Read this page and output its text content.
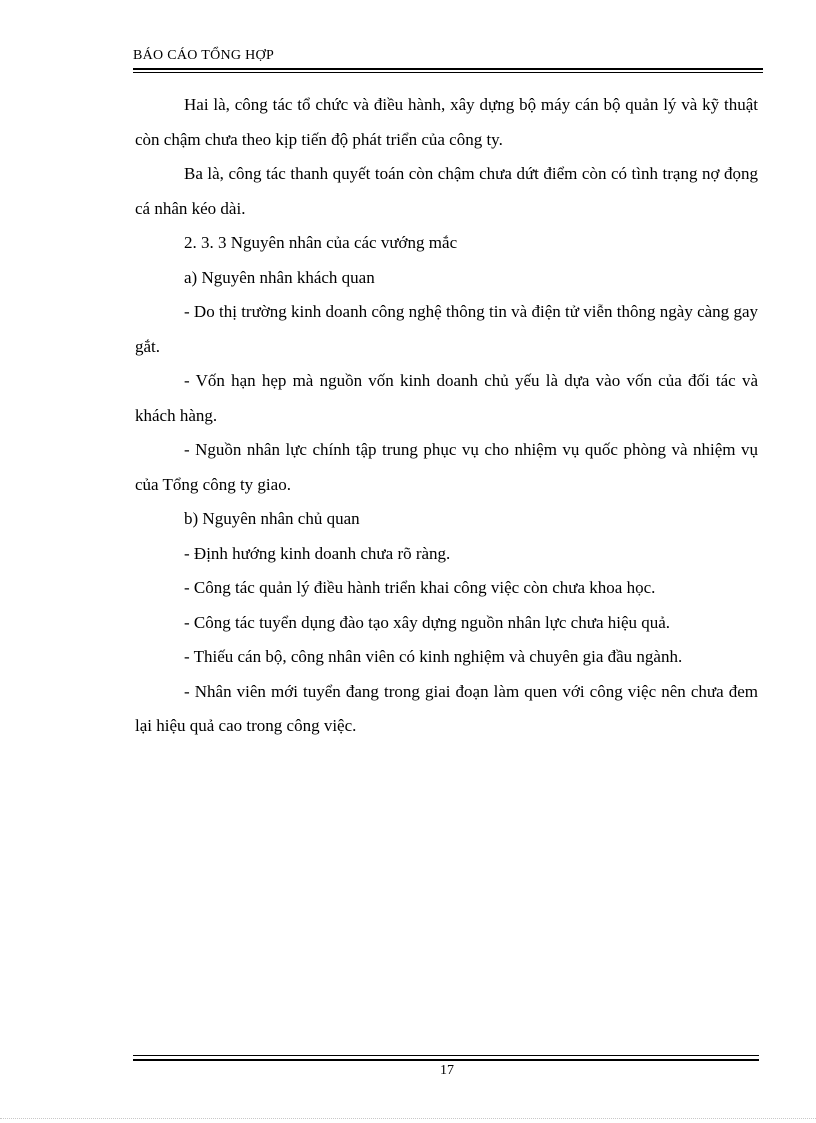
BÁO CÁO TỔNG HỢP

Hai là, công tác tổ chức và điều hành, xây dựng bộ máy cán bộ quản lý và kỹ thuật còn chậm chưa theo kịp tiến độ phát triển của công ty.

Ba là, công tác thanh quyết toán còn chậm chưa dứt điểm còn có tình trạng nợ đọng cá nhân kéo dài.

2. 3. 3 Nguyên nhân của các vướng mắc

a) Nguyên nhân khách quan

- Do thị trường kinh doanh công nghệ thông tin và điện tử viễn thông ngày càng gay gắt.

- Vốn hạn hẹp mà nguồn vốn kinh doanh chủ yếu là dựa vào vốn của đối tác và khách hàng.

- Nguồn nhân lực chính tập trung phục vụ cho nhiệm vụ quốc phòng và nhiệm vụ của Tổng công ty giao.

b) Nguyên nhân chủ quan

- Định hướng kinh doanh chưa rõ ràng.

- Công tác quản lý điều hành triển khai công việc còn chưa khoa học.

- Công tác tuyển dụng đào tạo xây dựng nguồn nhân lực chưa hiệu quả.

- Thiếu cán bộ, công nhân viên có kinh nghiệm và chuyên gia đầu ngành.

- Nhân viên mới tuyển đang trong giai đoạn làm quen với công việc nên chưa đem lại hiệu quả cao trong công việc.

17
